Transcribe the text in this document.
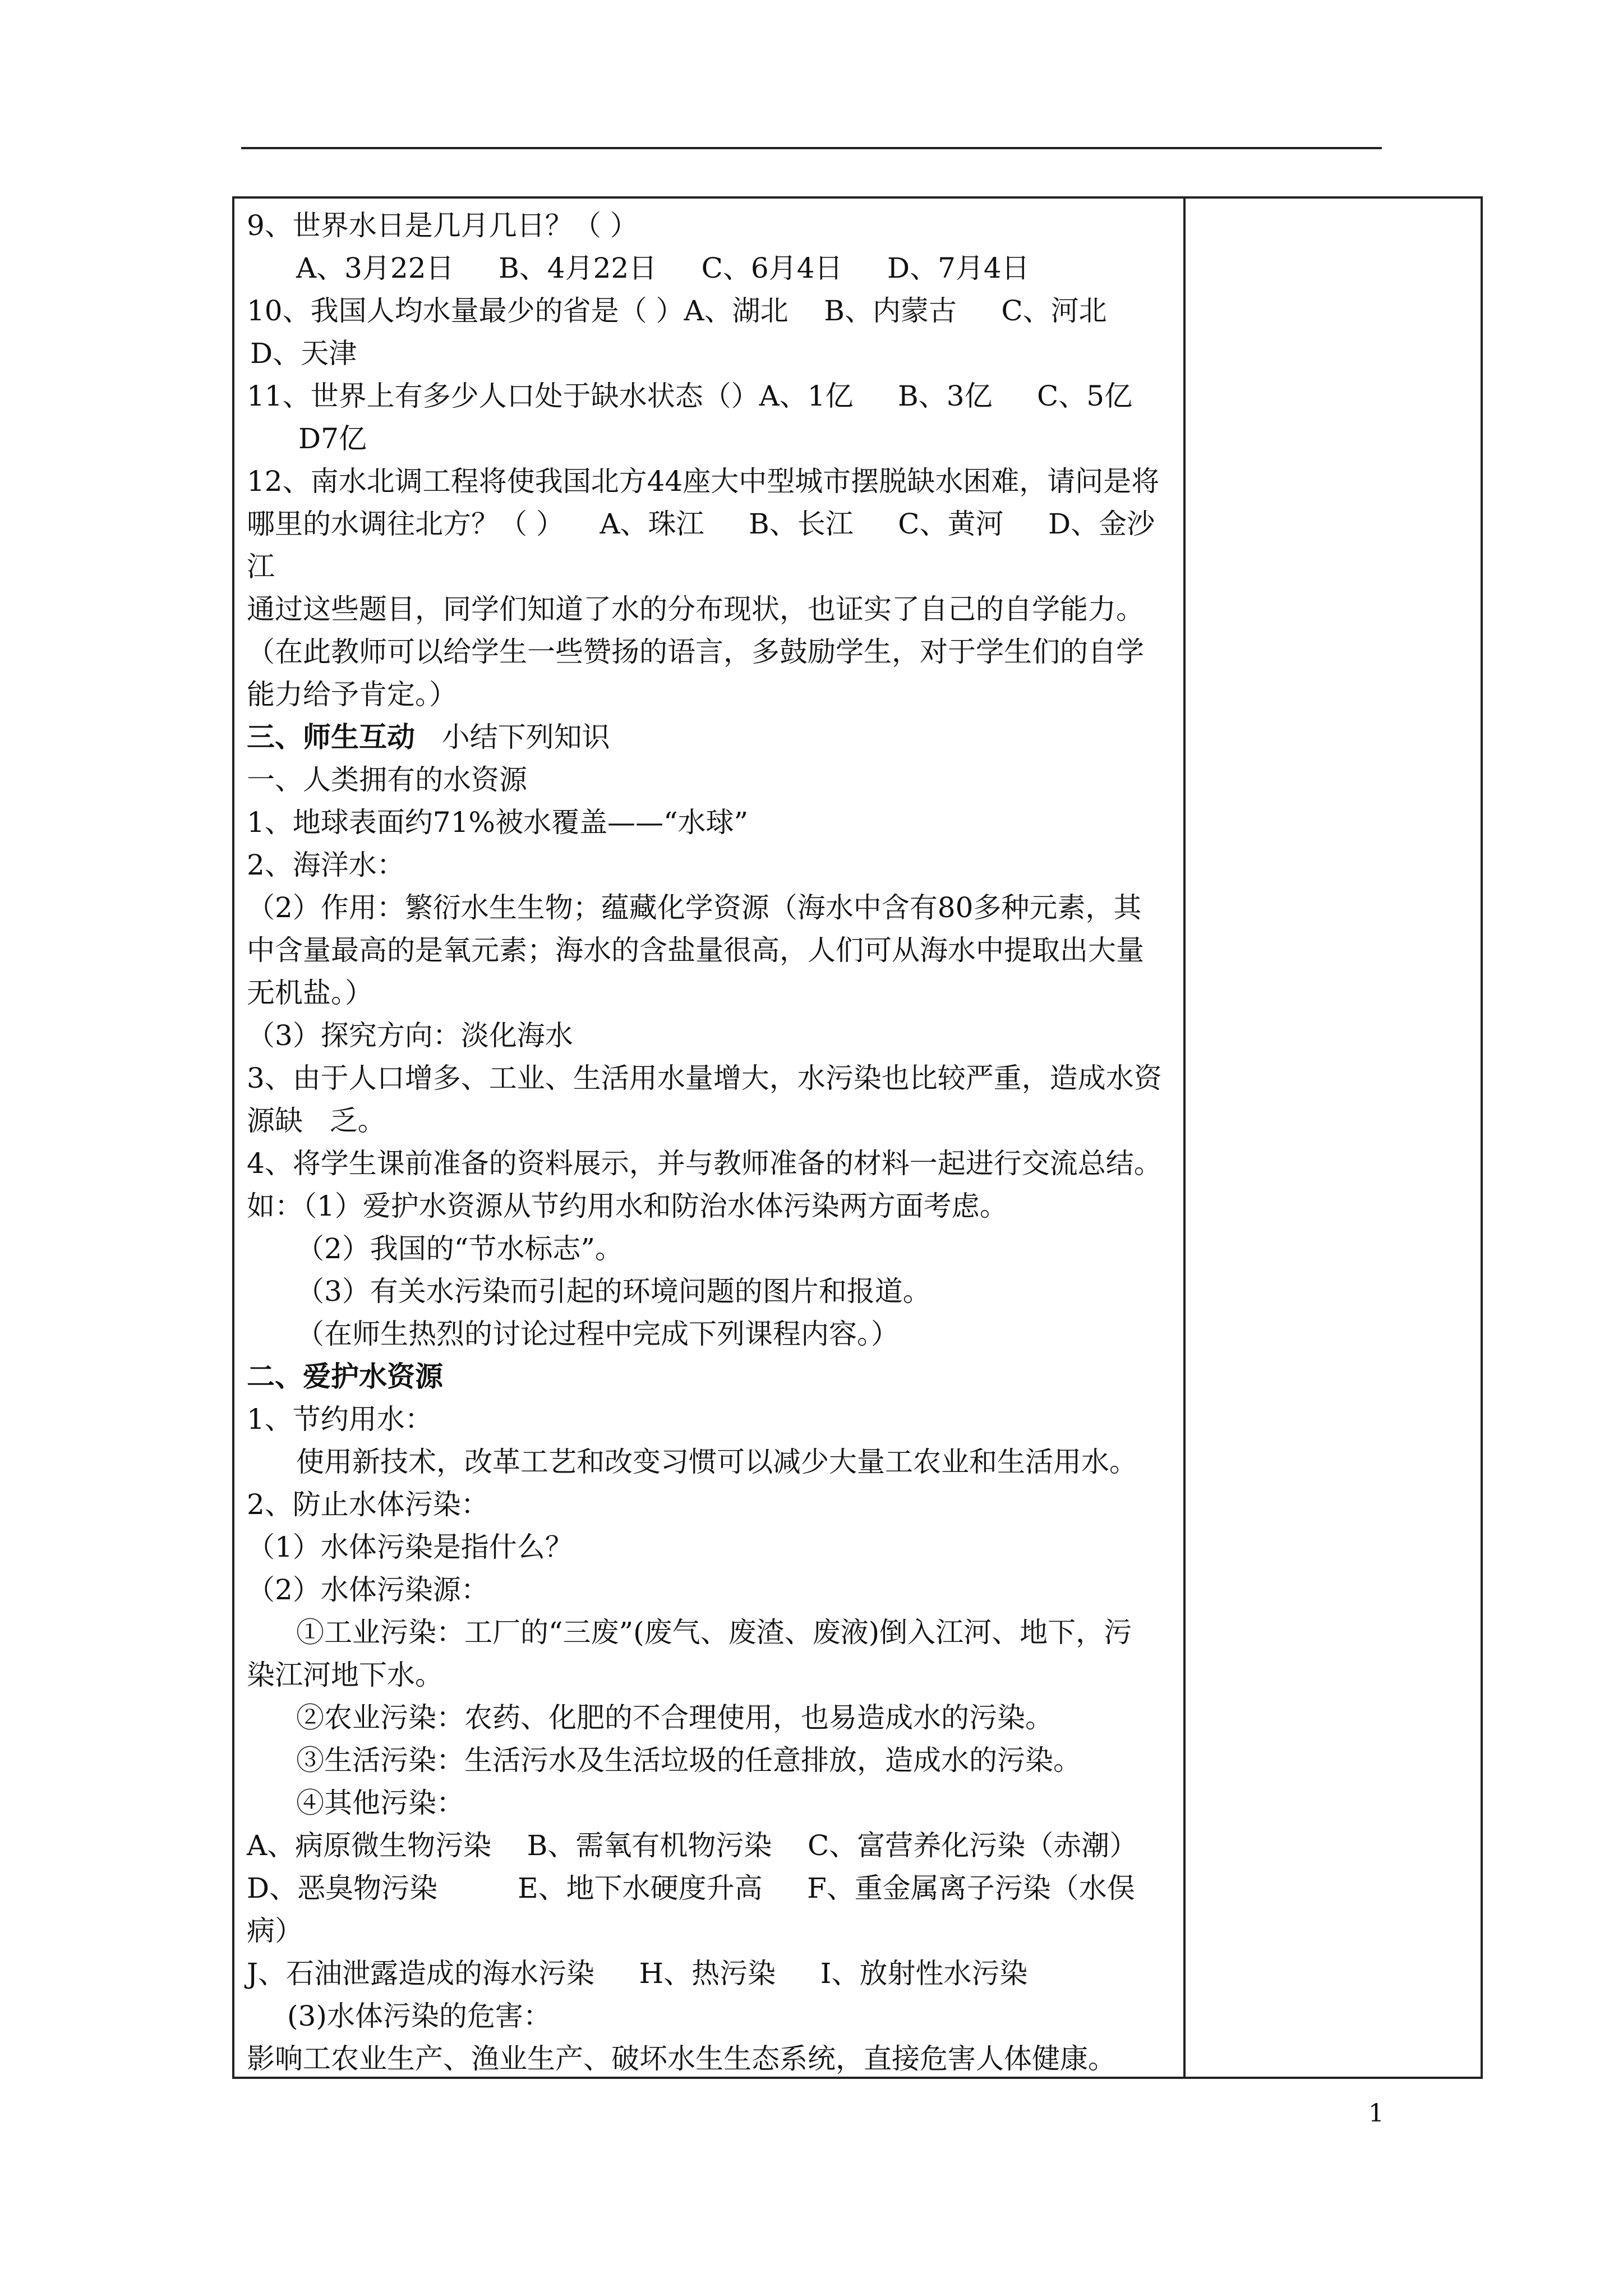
9、世界水日是几月几日？（ ）
A、3月22日     B、4月22日     C、6月4日     D、7月4日
10、我国人均水量最少的省是（ ）A、湖北    B、内蒙古     C、河北
D、天津
11、世界上有多少人口处于缺水状态（）A、1亿     B、3亿     C、5亿
D7亿
12、南水北调工程将使我国北方44座大中型城市摆脱缺水困难，请问是将
哪里的水调往北方？（ ）    A、珠江     B、长江     C、黄河     D、金沙
江
通过这些题目，同学们知道了水的分布现状，也证实了自己的自学能力。
（在此教师可以给学生一些赞扬的语言，多鼓励学生，对于学生们的自学
能力给予肯定。）
三、师生互动   小结下列知识
一、人类拥有的水资源
1、地球表面约71%被水覆盖——“水球”
2、海洋水：
（2）作用：繁衍水生生物；蕴藏化学资源（海水中含有80多种元素，其
中含量最高的是氧元素；海水的含盐量很高，人们可从海水中提取出大量
无机盐。）
（3）探究方向：淡化海水
3、由于人口增多、工业、生活用水量增大，水污染也比较严重，造成水资
源缺   乏。
4、将学生课前准备的资料展示，并与教师准备的材料一起进行交流总结。
如：（1）爱护水资源从节约用水和防治水体污染两方面考虑。
（2）我国的“节水标志”。
（3）有关水污染而引起的环境问题的图片和报道。
（在师生热烈的讨论过程中完成下列课程内容。）
二、爱护水资源
1、节约用水：
使用新技术，改革工艺和改变习惯可以减少大量工农业和生活用水。
2、防止水体污染：
（1）水体污染是指什么？
（2）水体污染源：
①工业污染：工厂的“三废”(废气、废渣、废液)倒入江河、地下，污
染江河地下水。
②农业污染：农药、化肥的不合理使用，也易造成水的污染。
③生活污染：生活污水及生活垃圾的任意排放，造成水的污染。
④其他污染：
A、病原微生物污染    B、需氧有机物污染    C、富营养化污染（赤潮）
D、恶臭物污染         E、地下水硬度升高     F、重金属离子污染（水俣
病）
J、石油泄露造成的海水污染     H、热污染     I、放射性水污染
(3)水体污染的危害：
影响工农业生产、渔业生产、破坏水生生态系统，直接危害人体健康。
1
